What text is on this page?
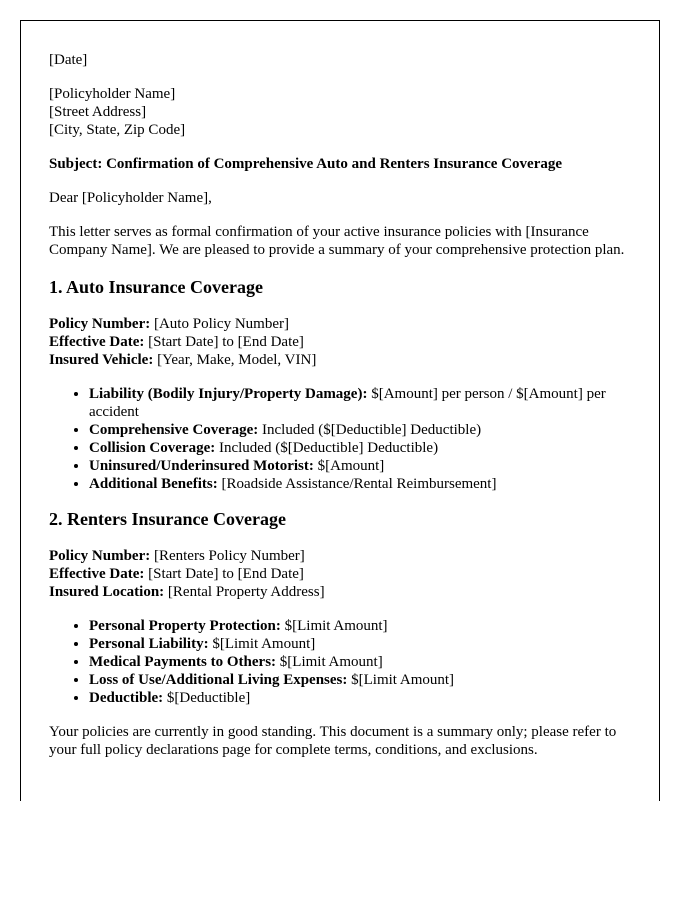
[Date]

[Policyholder Name]

[Street Address]

[City, State, Zip Code]

Subject: Confirmation of Comprehensive Auto and Renters Insurance Coverage

Dear [Policyholder Name],

This letter serves as formal confirmation of your active insurance policies with [Insurance Company Name]. We are pleased to provide a summary of your comprehensive protection plan.

1. Auto Insurance Coverage
Policy Number: [Auto Policy Number]
Effective Date: [Start Date] to [End Date]
Insured Vehicle: [Year, Make, Model, VIN]
• Liability (Bodily Injury/Property Damage): $[Amount] per person / $[Amount] per accident
• Comprehensive Coverage: Included ($[Deductible] Deductible)
• Collision Coverage: Included ($[Deductible] Deductible)
• Uninsured/Underinsured Motorist: $[Amount]
• Additional Benefits: [Roadside Assistance/Rental Reimbursement]
2. Renters Insurance Coverage
Policy Number: [Renters Policy Number]
Effective Date: [Start Date] to [End Date]
Insured Location: [Rental Property Address]
• Personal Property Protection: $[Limit Amount]
• Personal Liability: $[Limit Amount]
• Medical Payments to Others: $[Limit Amount]
• Loss of Use/Additional Living Expenses: $[Limit Amount]
• Deductible: $[Deductible]

Your policies are currently in good standing. This document is a summary only; please refer to your full policy declarations page for complete terms, conditions, and exclusions.
